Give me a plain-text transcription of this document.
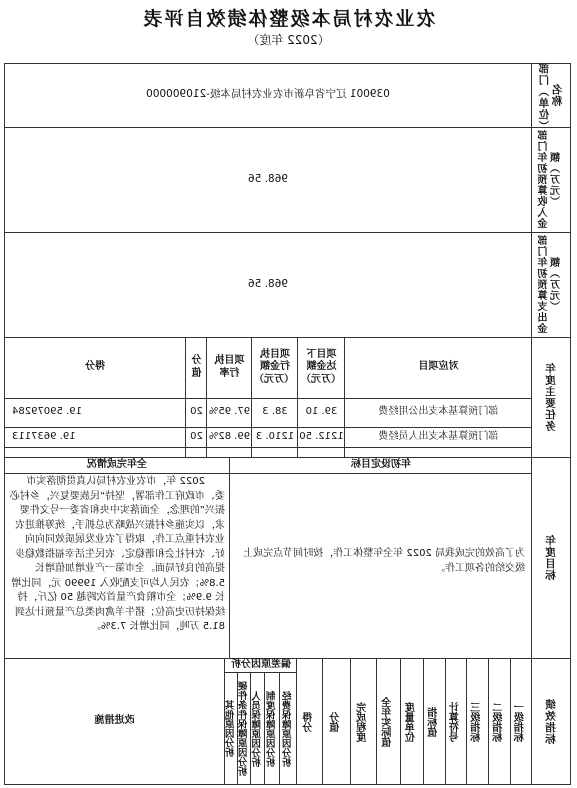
农业农村局本级整体绩效自评表
（2022 年度）
部门（单位）名称
039001 辽宁省阜新市农业农村局本级-210900000
部门年初预算收入金额（万元）
968. 56
部门年初预算支出金额（万元）
968. 56
年度主要任务
对应项目
项目下达金额（万元）
项目执行金额（万元）
项目执行率
分值
得分
部门预算基本支出公用经费
39. 10
38. 3
97. 95%
20
19. 59079284
部门预算基本支出人员经费
1212. 50
1210. 3
99. 82%
20
19. 9637113
年度目标
年初设定目标
全年完成情况
为了高效的完成我局 2022 年全年整体工作，按时间节点完成上级交给的各项工作。
2022 年，市农业农村局认真贯彻落实市委、市政府工作部署，坚持“民族要复兴，乡村必振兴”的理念，全面落实中央和省委一号文件要求，以实施乡村振兴战略为总抓手，统筹推进农业农村重点工作，取得了农业发展质效同向向好、农村社会和谐稳定、农民生活幸福指数稳步提高的良好局面。全市第一产业增加值增长 5.8%；农民人均可支配收入 19990 元，同比增长 9.9%；全市粮食产量首次跨越 50 亿斤，持续保持历史高位；猪牛羊禽肉类总产量预计达到 81.5 万吨，同比增长 7.3%。
绩效指标
一级指标
二级指标
三级指标
计算符号
指标值
度量单位
全年实际值
完成程度
分值
得分
偏差原因分析
经费保障原因分析
制度保障原因分析
人员保障原因分析
硬件条件保障原因分析
其他原因分析
改进措施
